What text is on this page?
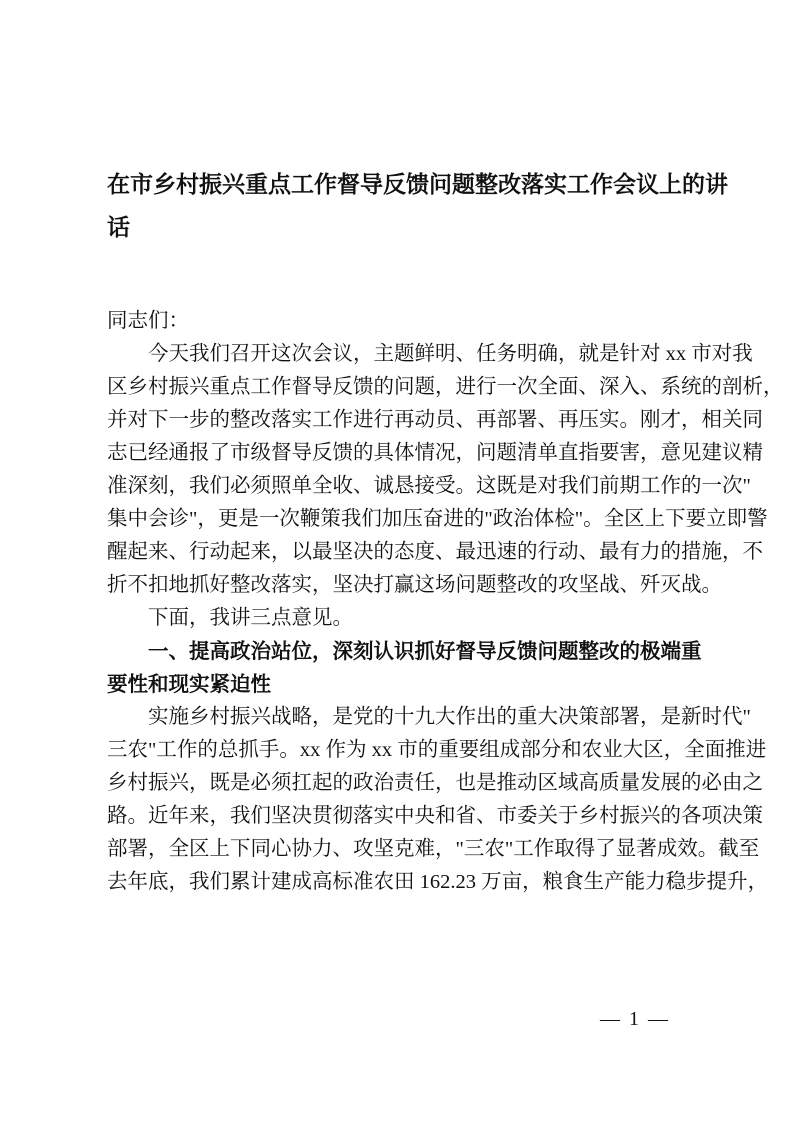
在市乡村振兴重点工作督导反馈问题整改落实工作会议上的讲
话
同志们：
今天我们召开这次会议，主题鲜明、任务明确，就是针对 xx 市对我
区乡村振兴重点工作督导反馈的问题，进行一次全面、深入、系统的剖析，
并对下一步的整改落实工作进行再动员、再部署、再压实。刚才，相关同
志已经通报了市级督导反馈的具体情况，问题清单直指要害，意见建议精
准深刻，我们必须照单全收、诚恳接受。这既是对我们前期工作的一次"
集中会诊"，更是一次鞭策我们加压奋进的"政治体检"。全区上下要立即警
醒起来、行动起来，以最坚决的态度、最迅速的行动、最有力的措施，不
折不扣地抓好整改落实，坚决打赢这场问题整改的攻坚战、歼灭战。
下面，我讲三点意见。
一、提高政治站位，深刻认识抓好督导反馈问题整改的极端重
要性和现实紧迫性
实施乡村振兴战略，是党的十九大作出的重大决策部署，是新时代"
三农"工作的总抓手。xx 作为 xx 市的重要组成部分和农业大区，全面推进
乡村振兴，既是必须扛起的政治责任，也是推动区域高质量发展的必由之
路。近年来，我们坚决贯彻落实中央和省、市委关于乡村振兴的各项决策
部署，全区上下同心协力、攻坚克难，"三农"工作取得了显著成效。截至
去年底，我们累计建成高标准农田 162.23 万亩，粮食生产能力稳步提升，
— 1 —
